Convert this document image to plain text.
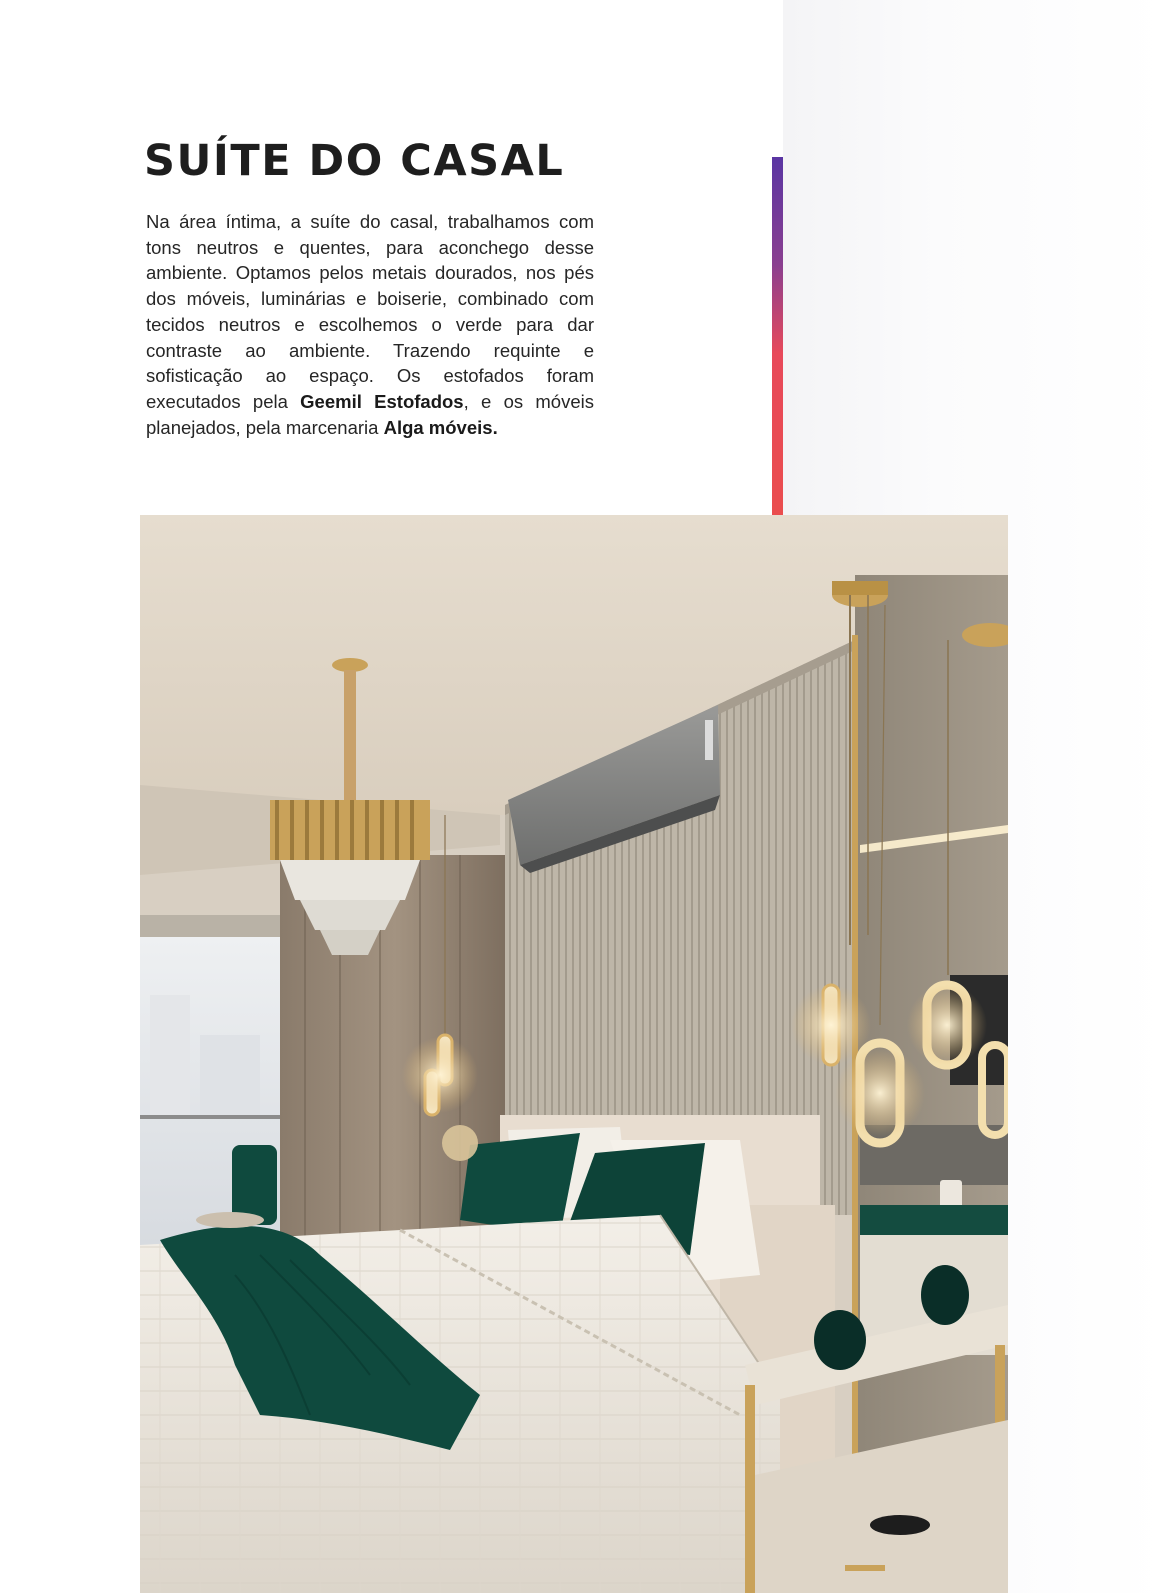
SUÍTE DO CASAL

Na área íntima, a suíte do casal, trabalhamos com tons neutros e quentes, para aconchego desse ambiente. Optamos pelos metais dourados, nos pés dos móveis, luminárias e boiserie, combinado com tecidos neutros e escolhemos o verde para dar contraste ao ambiente. Trazendo requinte e sofisticação ao espaço. Os estofados foram executados pela Geemil Estofados, e os móveis planejados, pela marcenaria Alga móveis.
